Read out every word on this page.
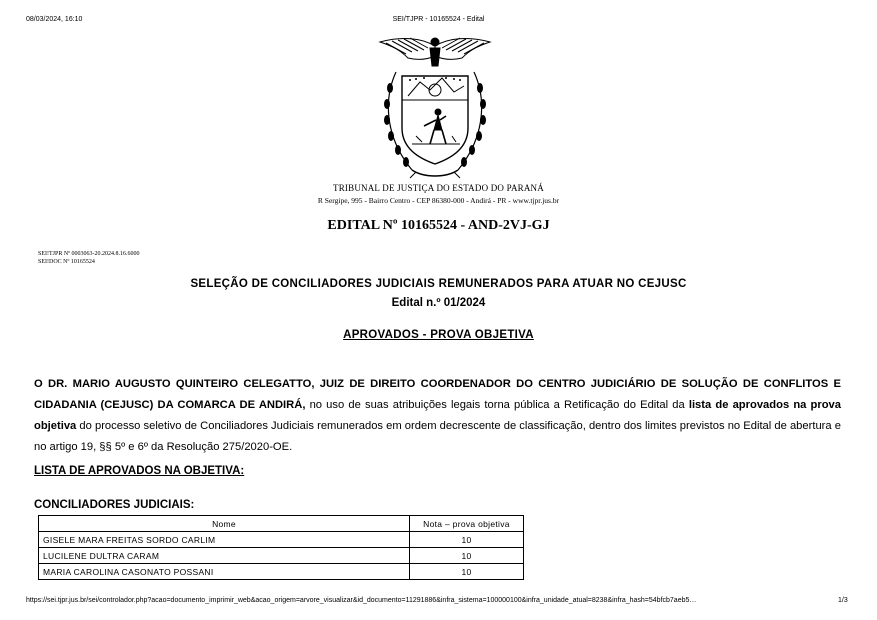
08/03/2024, 16:10	SEI/TJPR - 10165524 - Edital
TRIBUNAL DE JUSTIÇA DO ESTADO DO PARANÁ
R Sergipe, 995 - Bairro Centro - CEP 86380-000 - Andirá - PR - www.tjpr.jus.br
EDITAL Nº 10165524 - AND-2VJ-GJ
SEI!TJPR Nº 0003063-20.2024.8.16.6000
SEI!DOC Nº 10165524
SELEÇÃO DE CONCILIADORES JUDICIAIS REMUNERADOS PARA ATUAR NO CEJUSC
Edital n.º 01/2024
APROVADOS - PROVA OBJETIVA
O DR. MARIO AUGUSTO QUINTEIRO CELEGATTO, JUIZ DE DIREITO COORDENADOR DO CENTRO JUDICIÁRIO DE SOLUÇÃO DE CONFLITOS E CIDADANIA (CEJUSC) DA COMARCA DE ANDIRÁ, no uso de suas atribuições legais torna pública a Retificação do Edital da lista de aprovados na prova objetiva do processo seletivo de Conciliadores Judiciais remunerados em ordem decrescente de classificação, dentro dos limites previstos no Edital de abertura e no artigo 19, §§ 5º e 6º da Resolução 275/2020-OE.
LISTA DE APROVADOS NA OBJETIVA:
CONCILIADORES JUDICIAIS:
Nome	Nota – prova objetiva
GISELE MARA FREITAS SORDO CARLIM	10
LUCILENE DULTRA CARAM	10
MARIA CAROLINA CASONATO POSSANI	10
https://sei.tjpr.jus.br/sei/controlador.php?acao=documento_imprimir_web&acao_origem=arvore_visualizar&id_documento=11291886&infra_sistema=100000100&infra_unidade_atual=8238&infra_hash=54bfcb7aeb5…	1/3
